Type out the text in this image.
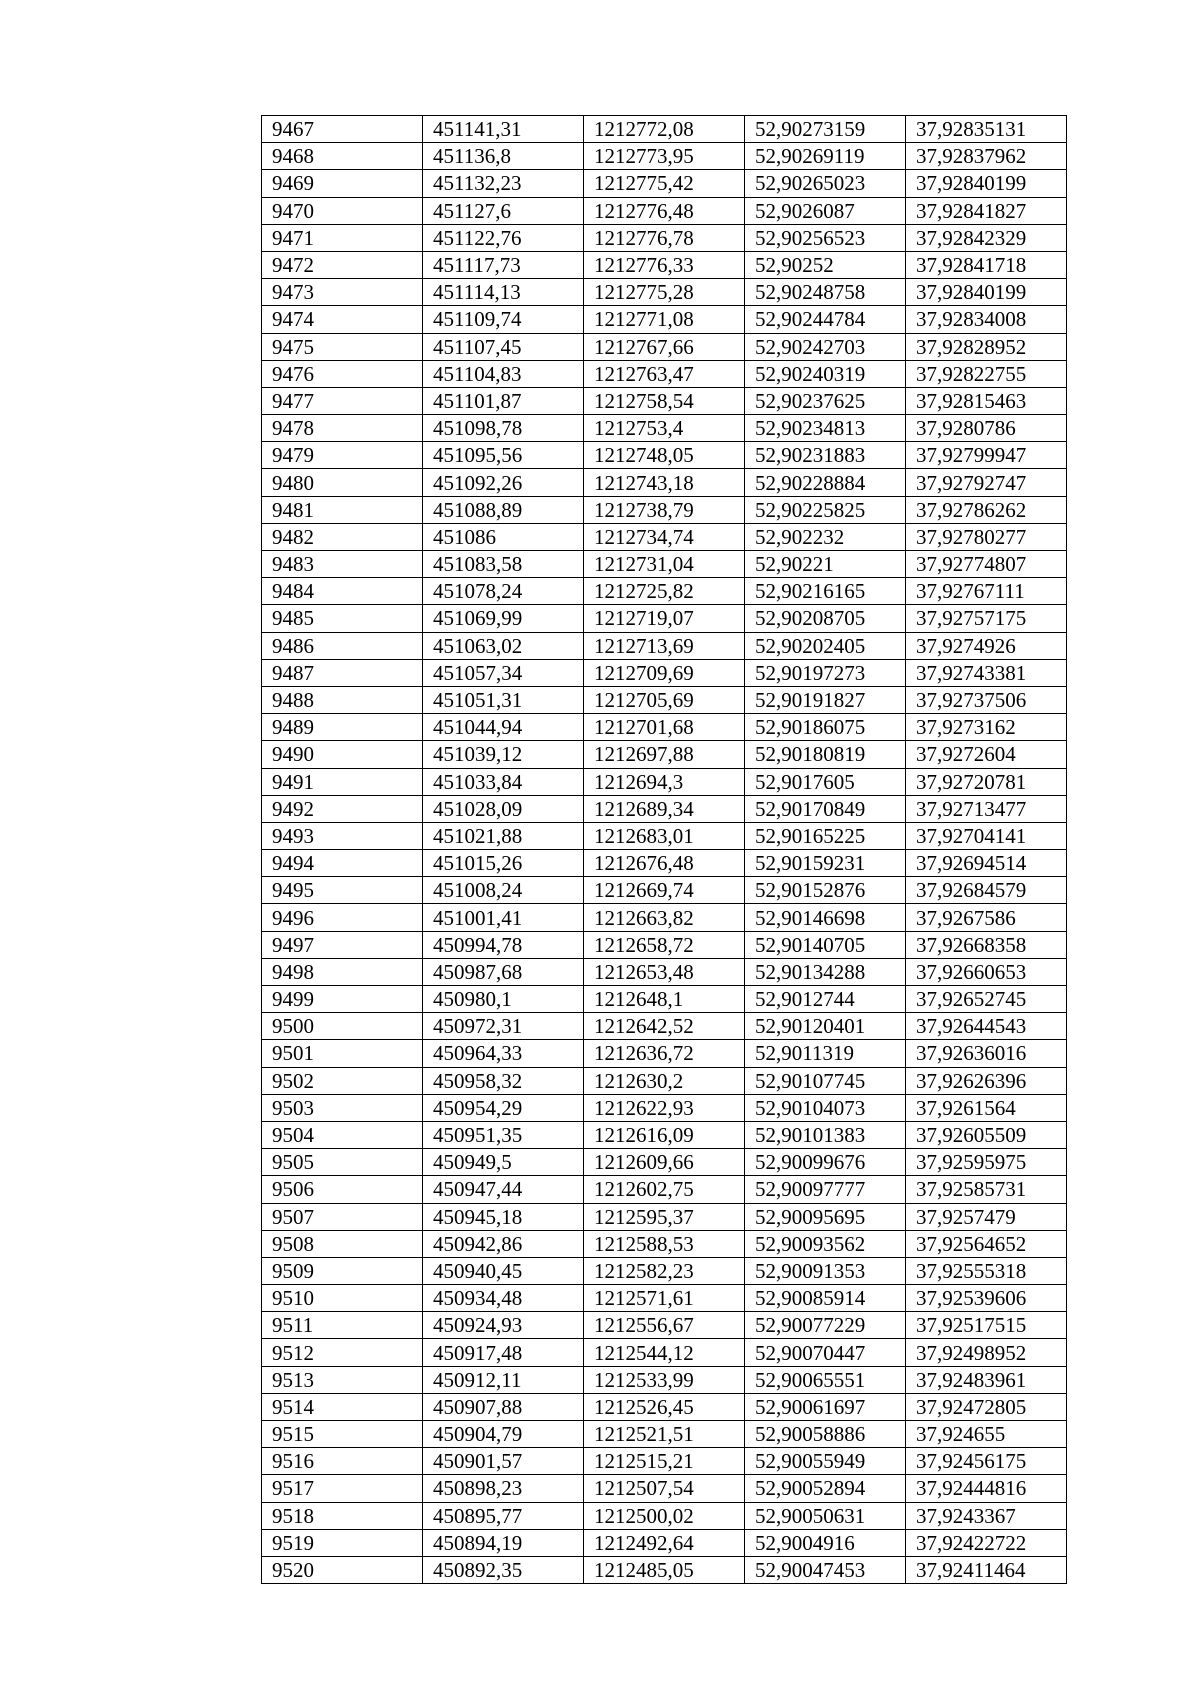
9467	451141,31	1212772,08	52,90273159	37,92835131
9468	451136,8	1212773,95	52,90269119	37,92837962
9469	451132,23	1212775,42	52,90265023	37,92840199
9470	451127,6	1212776,48	52,9026087	37,92841827
9471	451122,76	1212776,78	52,90256523	37,92842329
9472	451117,73	1212776,33	52,90252	37,92841718
9473	451114,13	1212775,28	52,90248758	37,92840199
9474	451109,74	1212771,08	52,90244784	37,92834008
9475	451107,45	1212767,66	52,90242703	37,92828952
9476	451104,83	1212763,47	52,90240319	37,92822755
9477	451101,87	1212758,54	52,90237625	37,92815463
9478	451098,78	1212753,4	52,90234813	37,9280786
9479	451095,56	1212748,05	52,90231883	37,92799947
9480	451092,26	1212743,18	52,90228884	37,92792747
9481	451088,89	1212738,79	52,90225825	37,92786262
9482	451086	1212734,74	52,902232	37,92780277
9483	451083,58	1212731,04	52,90221	37,92774807
9484	451078,24	1212725,82	52,90216165	37,92767111
9485	451069,99	1212719,07	52,90208705	37,92757175
9486	451063,02	1212713,69	52,90202405	37,9274926
9487	451057,34	1212709,69	52,90197273	37,92743381
9488	451051,31	1212705,69	52,90191827	37,92737506
9489	451044,94	1212701,68	52,90186075	37,9273162
9490	451039,12	1212697,88	52,90180819	37,9272604
9491	451033,84	1212694,3	52,9017605	37,92720781
9492	451028,09	1212689,34	52,90170849	37,92713477
9493	451021,88	1212683,01	52,90165225	37,92704141
9494	451015,26	1212676,48	52,90159231	37,92694514
9495	451008,24	1212669,74	52,90152876	37,92684579
9496	451001,41	1212663,82	52,90146698	37,9267586
9497	450994,78	1212658,72	52,90140705	37,92668358
9498	450987,68	1212653,48	52,90134288	37,92660653
9499	450980,1	1212648,1	52,9012744	37,92652745
9500	450972,31	1212642,52	52,90120401	37,92644543
9501	450964,33	1212636,72	52,9011319	37,92636016
9502	450958,32	1212630,2	52,90107745	37,92626396
9503	450954,29	1212622,93	52,90104073	37,9261564
9504	450951,35	1212616,09	52,90101383	37,92605509
9505	450949,5	1212609,66	52,90099676	37,92595975
9506	450947,44	1212602,75	52,90097777	37,92585731
9507	450945,18	1212595,37	52,90095695	37,9257479
9508	450942,86	1212588,53	52,90093562	37,92564652
9509	450940,45	1212582,23	52,90091353	37,92555318
9510	450934,48	1212571,61	52,90085914	37,92539606
9511	450924,93	1212556,67	52,90077229	37,92517515
9512	450917,48	1212544,12	52,90070447	37,92498952
9513	450912,11	1212533,99	52,90065551	37,92483961
9514	450907,88	1212526,45	52,90061697	37,92472805
9515	450904,79	1212521,51	52,90058886	37,924655
9516	450901,57	1212515,21	52,90055949	37,92456175
9517	450898,23	1212507,54	52,90052894	37,92444816
9518	450895,77	1212500,02	52,90050631	37,9243367
9519	450894,19	1212492,64	52,9004916	37,92422722
9520	450892,35	1212485,05	52,90047453	37,92411464
